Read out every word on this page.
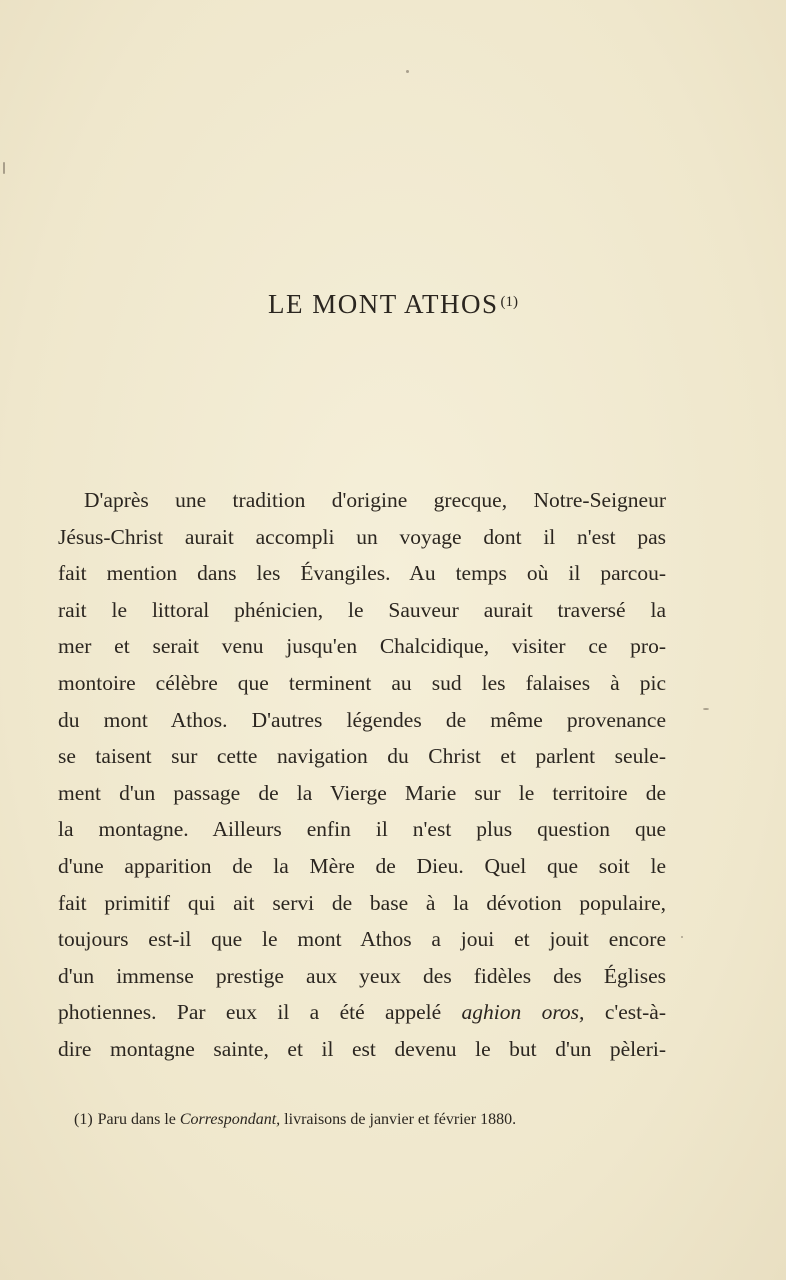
LE MONT ATHOS $^{(1)}$
D'après une tradition d'origine grecque, Notre-Seigneur
Jésus-Christ aurait accompli un voyage dont il n'est pas
fait mention dans les Évangiles. Au temps où il parcou-
rait le littoral phénicien, le Sauveur aurait traversé la
mer et serait venu jusqu'en Chalcidique, visiter ce pro-
montoire célèbre que terminent au sud les falaises à pic
du mont Athos. D'autres légendes de même provenance
se taisent sur cette navigation du Christ et parlent seule-
ment d'un passage de la Vierge Marie sur le territoire de
la montagne. Ailleurs enfin il n'est plus question que
d'une apparition de la Mère de Dieu. Quel que soit le
fait primitif qui ait servi de base à la dévotion populaire,
toujours est-il que le mont Athos a joui et jouit encore
d'un immense prestige aux yeux des fidèles des Églises
photiennes. Par eux il a été appelé aghion oros, c'est-à-
dire montagne sainte, et il est devenu le but d'un pèleri-
(1) Paru dans le Correspondant, livraisons de janvier et février 1880.
